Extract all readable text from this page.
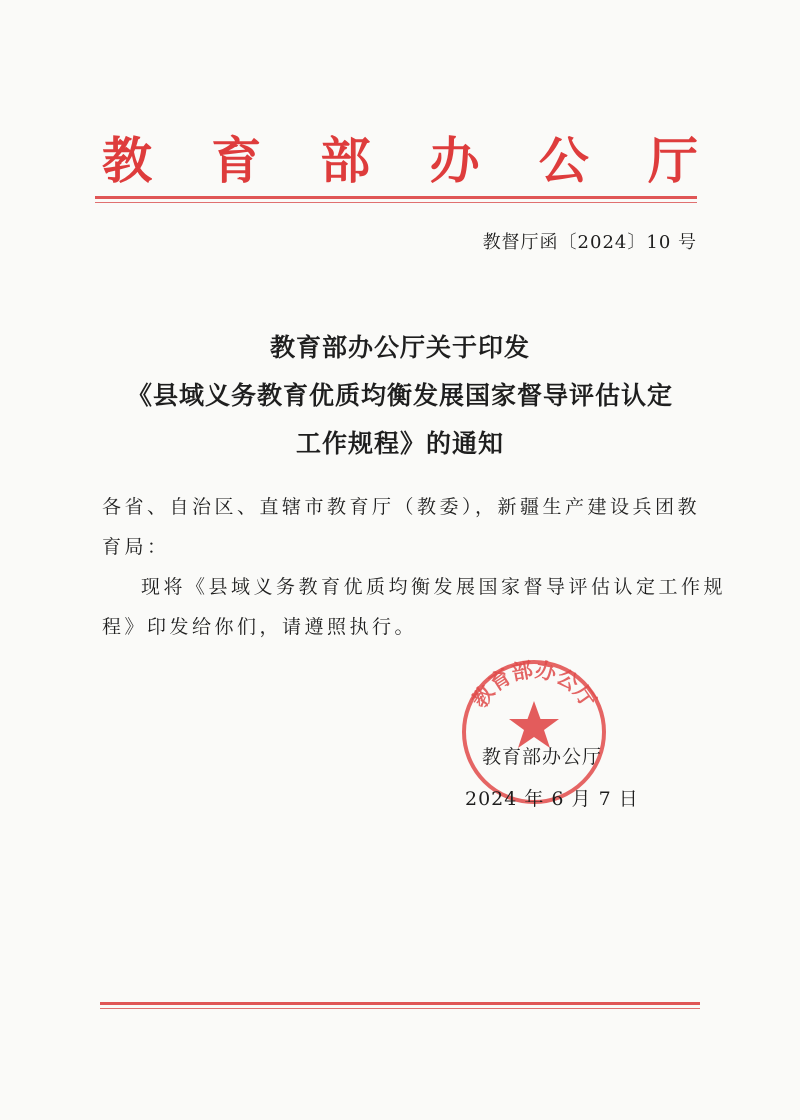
教 育 部 办 公 厅
教督厅函〔2024〕10 号
教育部办公厅关于印发
《县域义务教育优质均衡发展国家督导评估认定
工作规程》的通知
各省、自治区、直辖市教育厅（教委），新疆生产建设兵团教
育局：
现将《县域义务教育优质均衡发展国家督导评估认定工作规
程》印发给你们，请遵照执行。
教育部办公厅
教育部办公厅
2024 年 6 月 7 日
